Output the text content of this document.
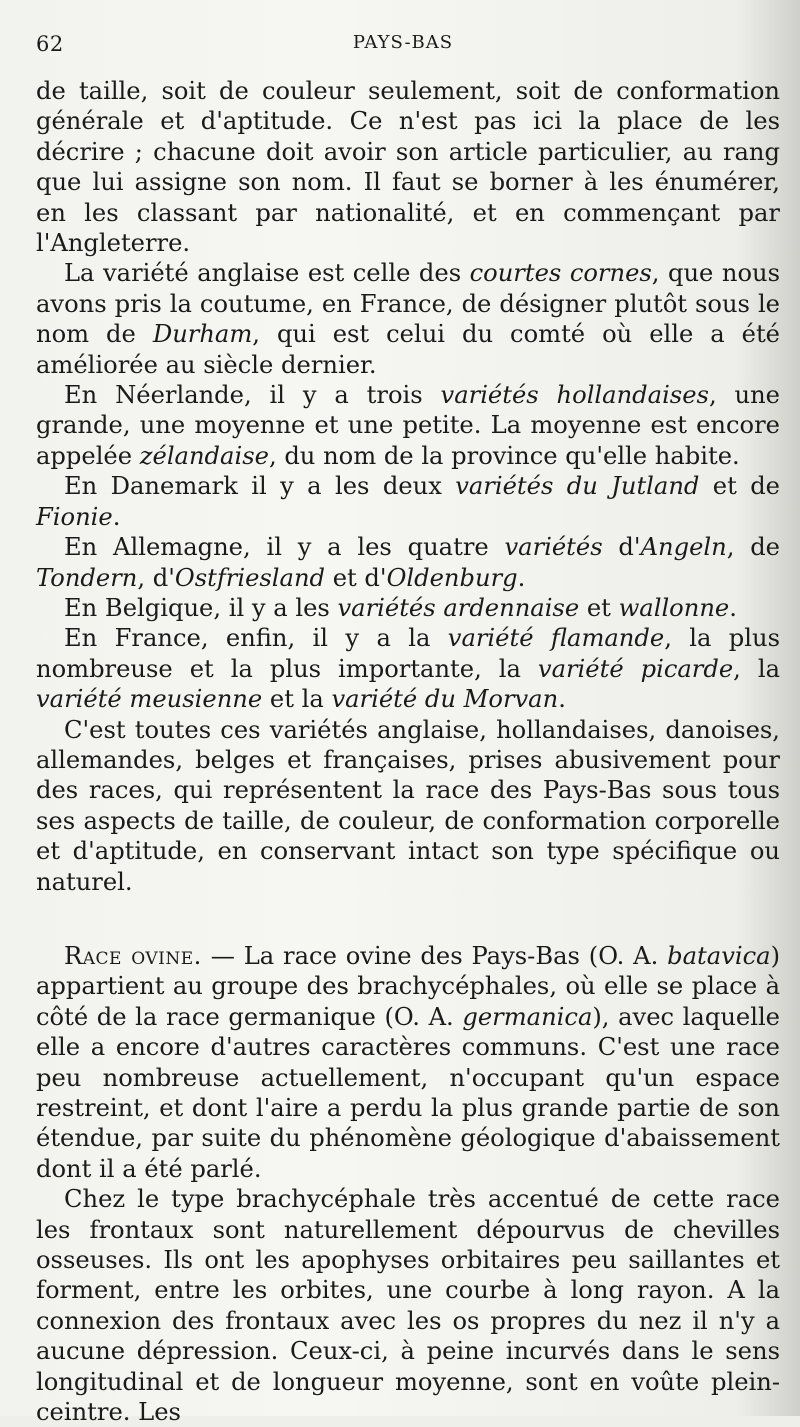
62	PAYS-BAS

de taille, soit de couleur seulement, soit de conformation générale et d'aptitude. Ce n'est pas ici la place de les décrire ; chacune doit avoir son article particulier, au rang que lui assigne son nom. Il faut se borner à les énumérer, en les classant par nationalité, et en commençant par l'Angleterre.

La variété anglaise est celle des courtes cornes, que nous avons pris la coutume, en France, de désigner plutôt sous le nom de Durham, qui est celui du comté où elle a été améliorée au siècle dernier.

En Néerlande, il y a trois variétés hollandaises, une grande, une moyenne et une petite. La moyenne est encore appelée zélandaise, du nom de la province qu'elle habite.

En Danemark il y a les deux variétés du Jutland et de Fionie.

En Allemagne, il y a les quatre variétés d'Angeln, de Tondern, d'Ostfriesland et d'Oldenburg.

En Belgique, il y a les variétés ardennaise et wallonne.

En France, enfin, il y a la variété flamande, la plus nombreuse et la plus importante, la variété picarde, la variété meusienne et la variété du Morvan.

C'est toutes ces variétés anglaise, hollandaises, danoises, allemandes, belges et françaises, prises abusivement pour des races, qui représentent la race des Pays-Bas sous tous ses aspects de taille, de couleur, de conformation corporelle et d'aptitude, en conservant intact son type spécifique ou naturel.

Race ovine. — La race ovine des Pays-Bas (O. A. batavica) appartient au groupe des brachycéphales, où elle se place à côté de la race germanique (O. A. germanica), avec laquelle elle a encore d'autres caractères communs. C'est une race peu nombreuse actuellement, n'occupant qu'un espace restreint, et dont l'aire a perdu la plus grande partie de son étendue, par suite du phénomène géologique d'abaissement dont il a été parlé.

Chez le type brachycéphale très accentué de cette race les frontaux sont naturellement dépourvus de chevilles osseuses. Ils ont les apophyses orbitaires peu saillantes et forment, entre les orbites, une courbe à long rayon. A la connexion des frontaux avec les os propres du nez il n'y a aucune dépression. Ceux-ci, à peine incurvés dans le sens longitudinal et de longueur moyenne, sont en voûte plein-ceintre. Les
